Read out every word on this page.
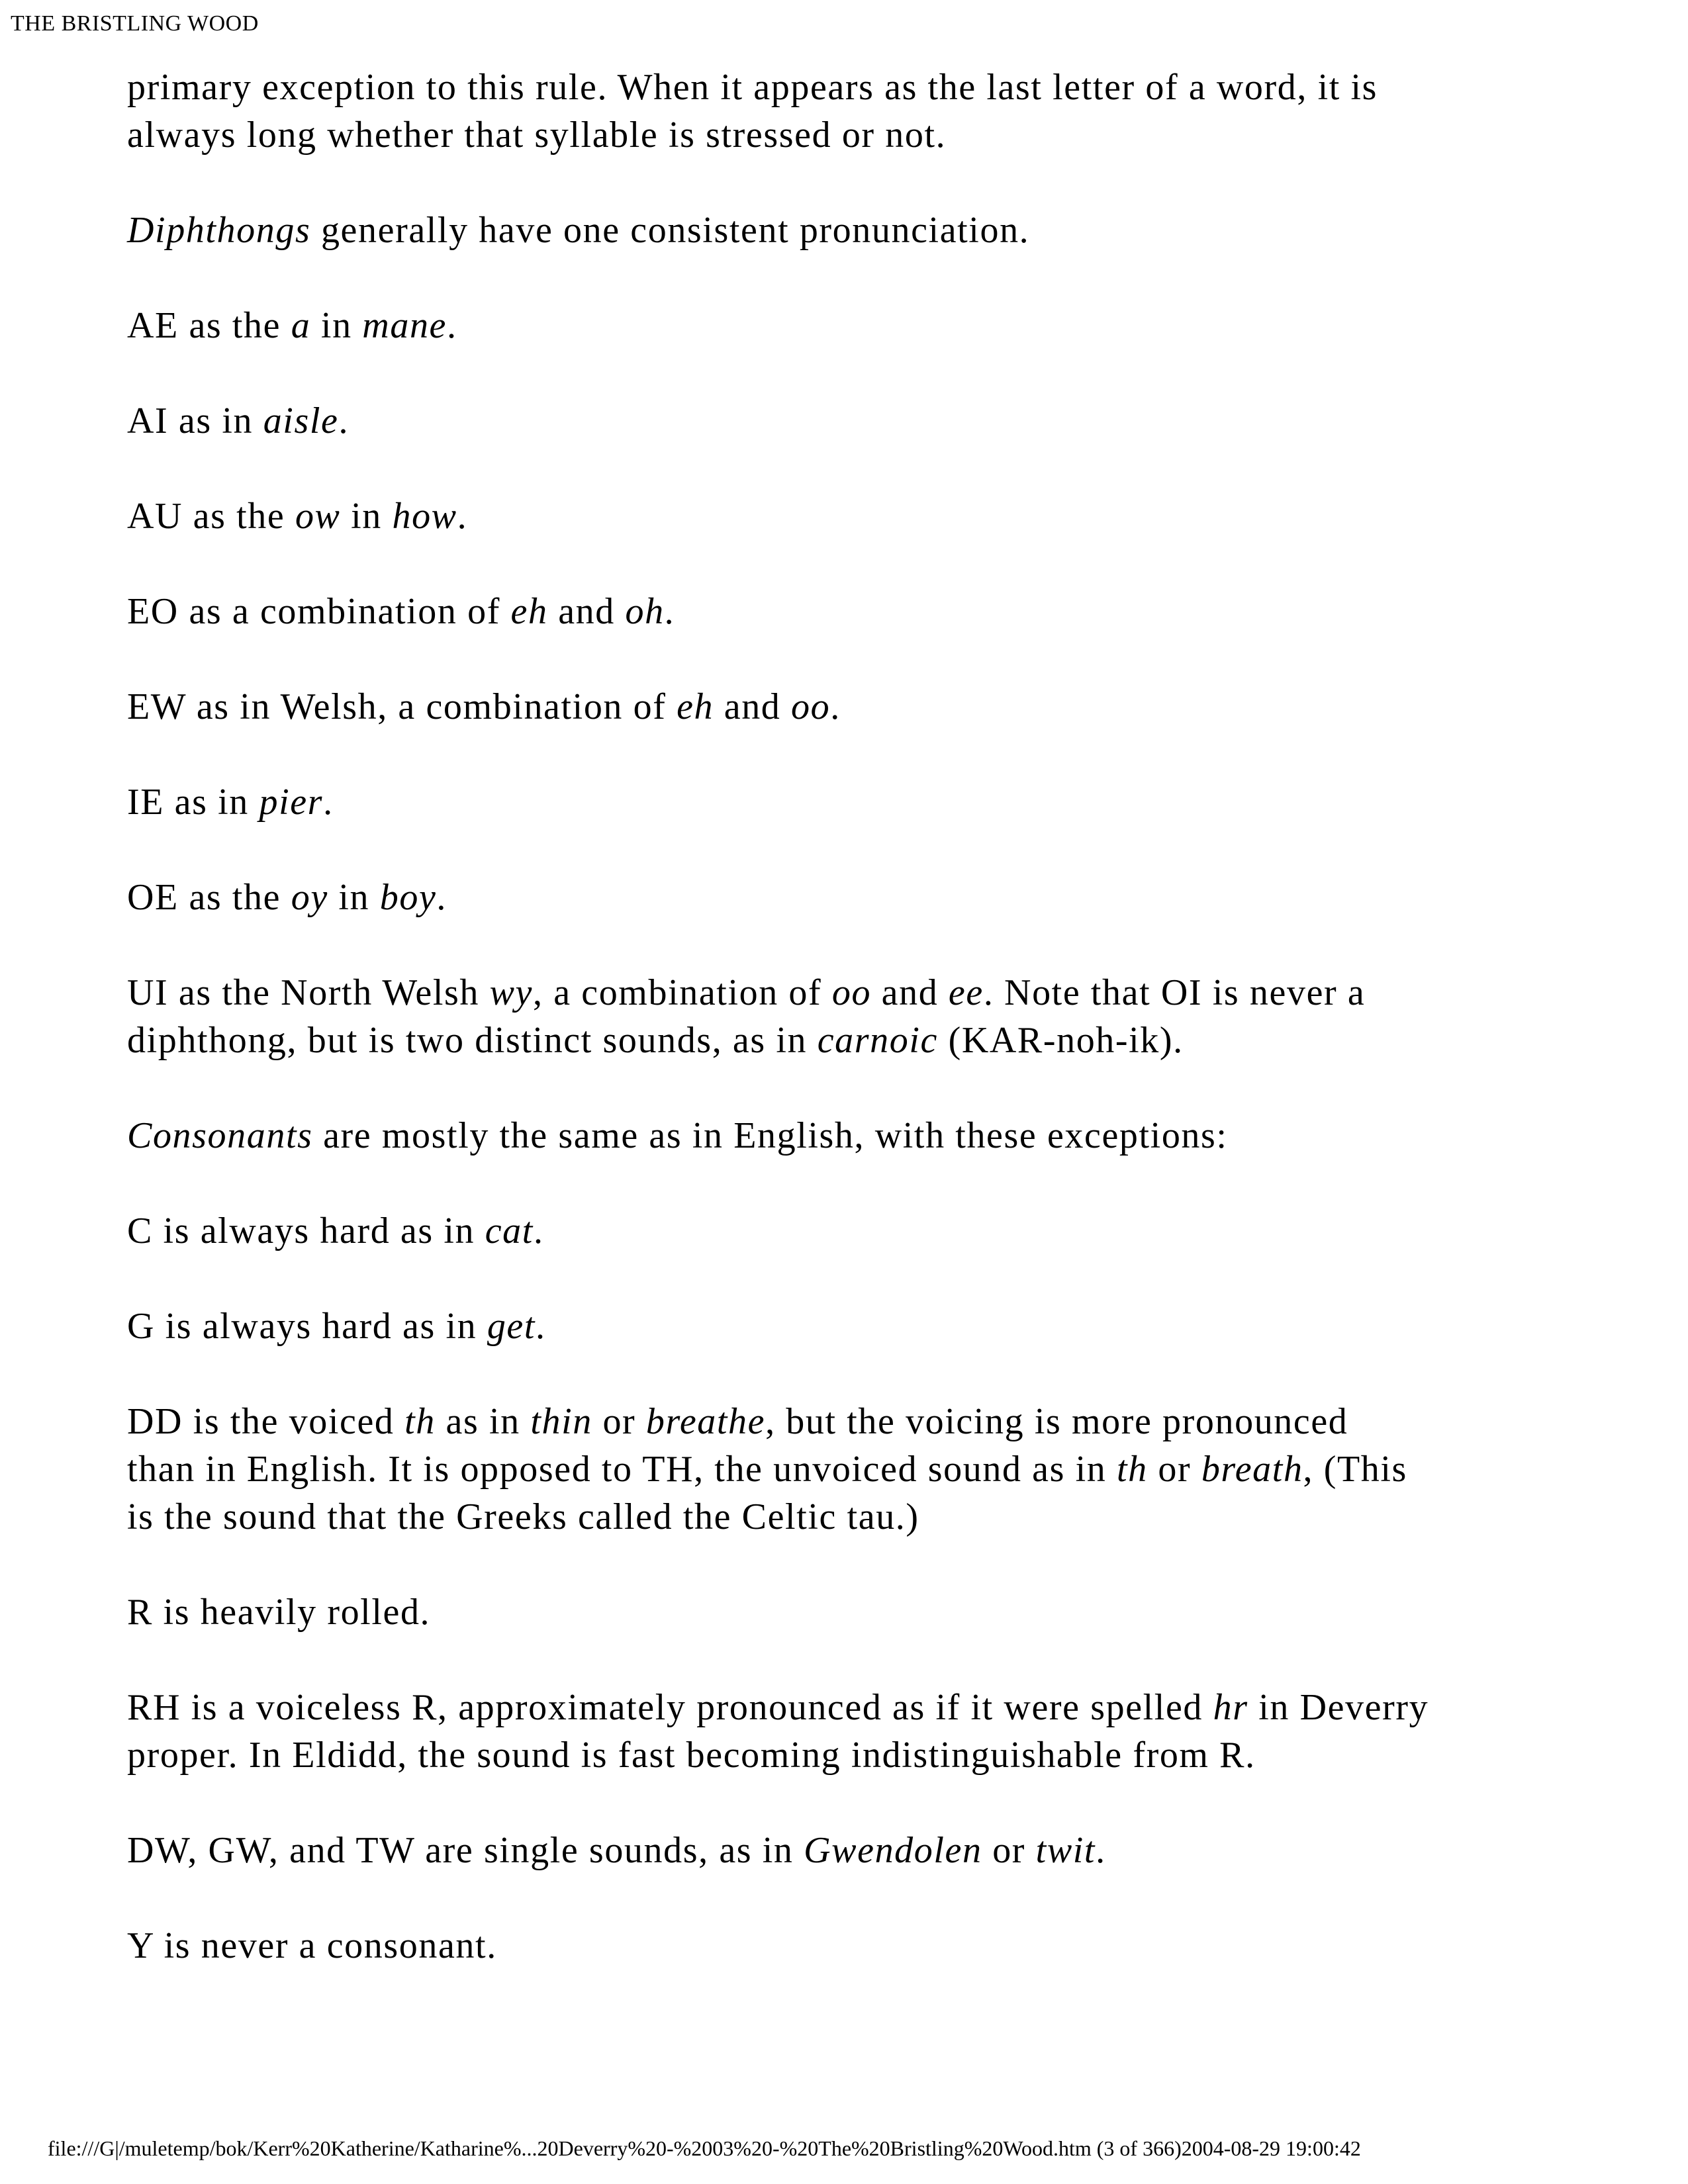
THE BRISTLING WOOD

primary exception to this rule. When it appears as the last letter of a word, it is
always long whether that syllable is stressed or not.

Diphthongs generally have one consistent pronunciation.

AE as the a in mane.

AI as in aisle.

AU as the ow in how.

EO as a combination of eh and oh.

EW as in Welsh, a combination of eh and oo.

IE as in pier.

OE as the oy in boy.

UI as the North Welsh wy, a combination of oo and ee. Note that OI is never a
diphthong, but is two distinct sounds, as in carnoic (KAR-noh-ik).

Consonants are mostly the same as in English, with these exceptions:

C is always hard as in cat.

G is always hard as in get.

DD is the voiced th as in thin or breathe, but the voicing is more pronounced
than in English. It is opposed to TH, the unvoiced sound as in th or breath, (This
is the sound that the Greeks called the Celtic tau.)

R is heavily rolled.

RH is a voiceless R, approximately pronounced as if it were spelled hr in Deverry
proper. In Eldidd, the sound is fast becoming indistinguishable from R.

DW, GW, and TW are single sounds, as in Gwendolen or twit.

Y is never a consonant.

file:///G|/muletemp/bok/Kerr%20Katherine/Katharine%...20Deverry%20-%2003%20-%20The%20Bristling%20Wood.htm (3 of 366)2004-08-29 19:00:42
